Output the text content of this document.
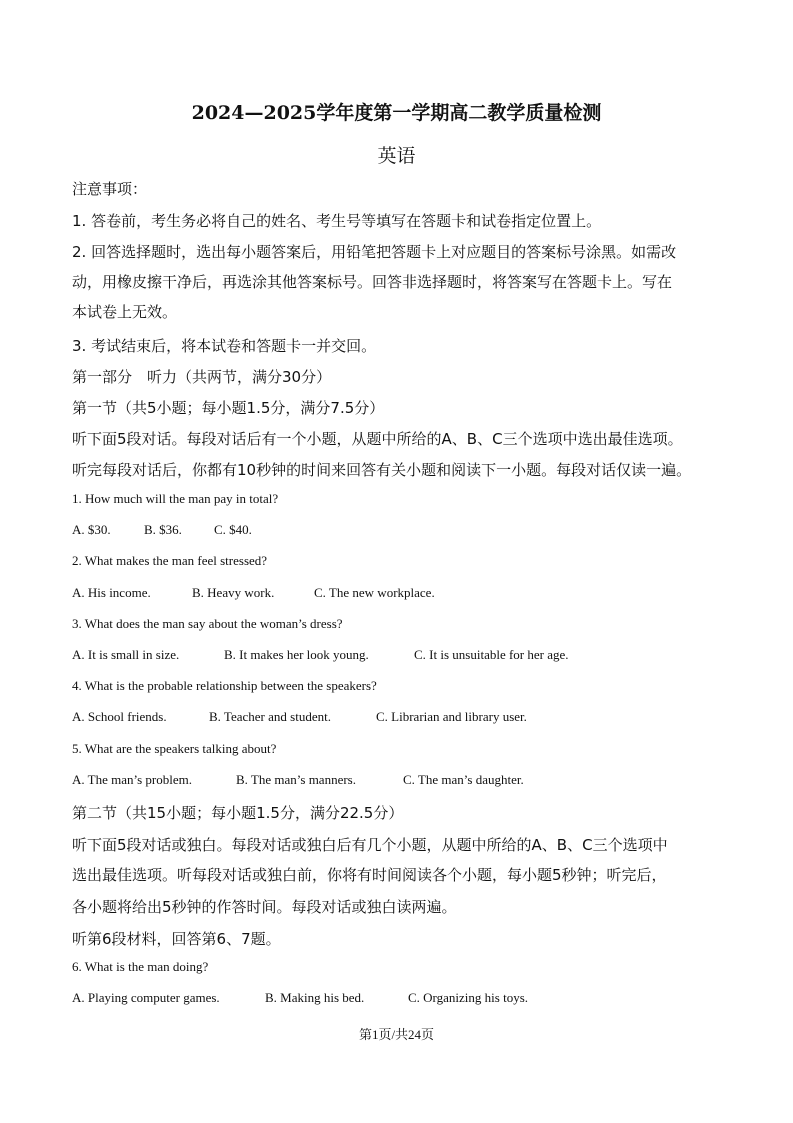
2024—2025学年度第一学期高二教学质量检测
英语
注意事项：
1. 答卷前，考生务必将自己的姓名、考生号等填写在答题卡和试卷指定位置上。
2. 回答选择题时，选出每小题答案后，用铅笔把答题卡上对应题目的答案标号涂黑。如需改
动，用橡皮擦干净后，再选涂其他答案标号。回答非选择题时，将答案写在答题卡上。写在
本试卷上无效。
3. 考试结束后，将本试卷和答题卡一并交回。
第一部分　听力（共两节，满分30分）
第一节（共5小题；每小题1.5分，满分7.5分）
听下面5段对话。每段对话后有一个小题，从题中所给的A、B、C三个选项中选出最佳选项。
听完每段对话后，你都有10秒钟的时间来回答有关小题和阅读下一小题。每段对话仅读一遍。
1. How much will the man pay in total?
A. $30.	B. $36. C. $40.
2. What makes the man feel stressed?
A. His income.	B. Heavy work.	C. The new workplace.
3. What does the man say about the woman’s dress?
A. It is small in size.	B. It makes her look young.	C. It is unsuitable for her age.
4. What is the probable relationship between the speakers?
A. School friends.	B. Teacher and student.	C. Librarian and library user.
5. What are the speakers talking about?
A. The man’s problem.	B. The man’s manners.	C. The man’s daughter.
第二节（共15小题；每小题1.5分，满分22.5分）
听下面5段对话或独白。每段对话或独白后有几个小题，从题中所给的A、B、C三个选项中
选出最佳选项。听每段对话或独白前，你将有时间阅读各个小题，每小题5秒钟；听完后，
各小题将给出5秒钟的作答时间。每段对话或独白读两遍。
听第6段材料，回答第6、7题。
6. What is the man doing?
A. Playing computer games.	B. Making his bed.	C. Organizing his toys.
第1页/共24页
